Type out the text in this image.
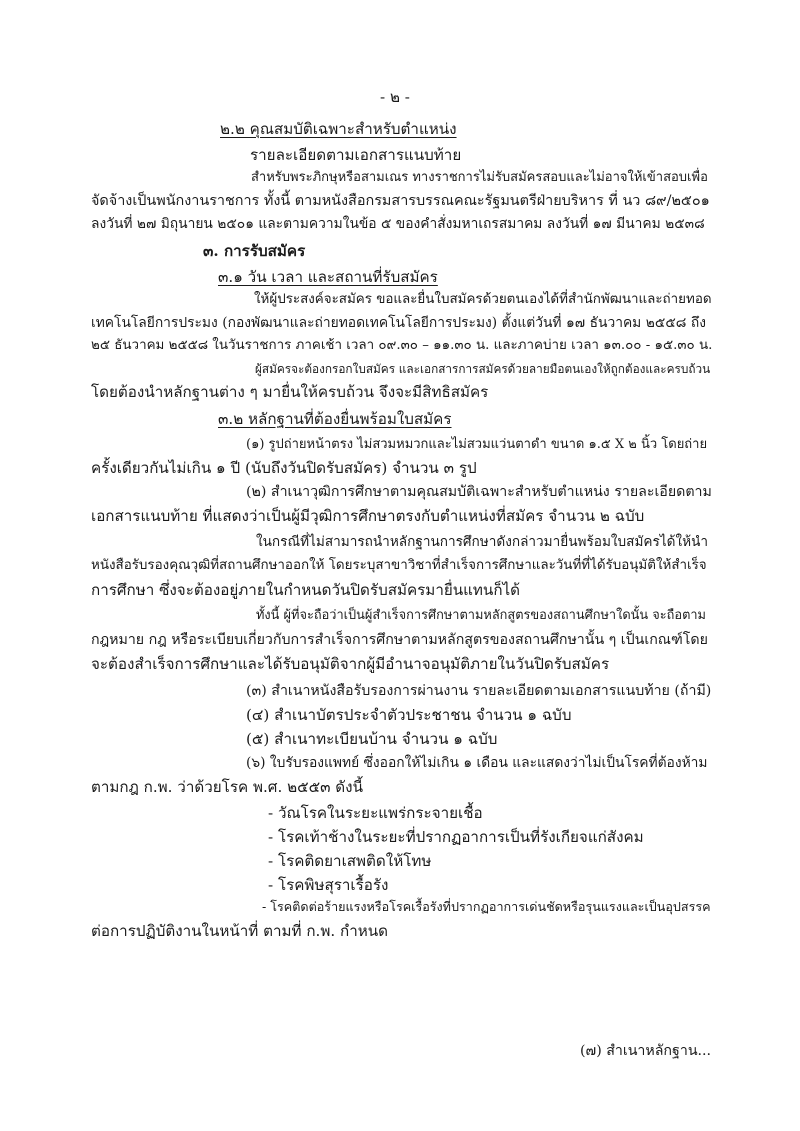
- ๒ -
๒.๒ คุณสมบัติเฉพาะสำหรับตำแหน่ง
รายละเอียดตามเอกสารแนบท้าย
สำหรับพระภิกษุหรือสามเณร ทางราชการไม่รับสมัครสอบและไม่อาจให้เข้าสอบเพื่อ
จัดจ้างเป็นพนักงานราชการ ทั้งนี้ ตามหนังสือกรมสารบรรณคณะรัฐมนตรีฝ่ายบริหาร ที่ นว ๘๙/๒๕๐๑
ลงวันที่ ๒๗ มิถุนายน ๒๕๐๑ และตามความในข้อ ๕ ของคำสั่งมหาเถรสมาคม ลงวันที่ ๑๗ มีนาคม ๒๕๓๘
๓. การรับสมัคร
๓.๑ วัน เวลา และสถานที่รับสมัคร
ให้ผู้ประสงค์จะสมัคร ขอและยื่นใบสมัครด้วยตนเองได้ที่สำนักพัฒนาและถ่ายทอด
เทคโนโลยีการประมง (กองพัฒนาและถ่ายทอดเทคโนโลยีการประมง) ตั้งแต่วันที่ ๑๗ ธันวาคม ๒๕๕๘ ถึง
๒๕ ธันวาคม ๒๕๕๘ ในวันราชการ ภาคเช้า เวลา ๐๙.๓๐ – ๑๑.๓๐ น. และภาคบ่าย เวลา ๑๓.๐๐ - ๑๕.๓๐ น.
ผู้สมัครจะต้องกรอกใบสมัคร และเอกสารการสมัครด้วยลายมือตนเองให้ถูกต้องและครบถ้วน
โดยต้องนำหลักฐานต่าง ๆ มายื่นให้ครบถ้วน จึงจะมีสิทธิสมัคร
๓.๒ หลักฐานที่ต้องยื่นพร้อมใบสมัคร
(๑) รูปถ่ายหน้าตรง ไม่สวมหมวกและไม่สวมแว่นตาดำ ขนาด ๑.๕ X ๒ นิ้ว โดยถ่าย
ครั้งเดียวกันไม่เกิน ๑ ปี (นับถึงวันปิดรับสมัคร) จำนวน ๓ รูป
(๒) สำเนาวุฒิการศึกษาตามคุณสมบัติเฉพาะสำหรับตำแหน่ง รายละเอียดตาม
เอกสารแนบท้าย ที่แสดงว่าเป็นผู้มีวุฒิการศึกษาตรงกับตำแหน่งที่สมัคร จำนวน ๒ ฉบับ
ในกรณีที่ไม่สามารถนำหลักฐานการศึกษาดังกล่าวมายื่นพร้อมใบสมัครได้ให้นำ
หนังสือรับรองคุณวุฒิที่สถานศึกษาออกให้ โดยระบุสาขาวิชาที่สำเร็จการศึกษาและวันที่ที่ได้รับอนุมัติให้สำเร็จ
การศึกษา ซึ่งจะต้องอยู่ภายในกำหนดวันปิดรับสมัครมายื่นแทนก็ได้
ทั้งนี้ ผู้ที่จะถือว่าเป็นผู้สำเร็จการศึกษาตามหลักสูตรของสถานศึกษาใดนั้น จะถือตาม
กฎหมาย กฎ หรือระเบียบเกี่ยวกับการสำเร็จการศึกษาตามหลักสูตรของสถานศึกษานั้น ๆ เป็นเกณฑ์โดย
จะต้องสำเร็จการศึกษาและได้รับอนุมัติจากผู้มีอำนาจอนุมัติภายในวันปิดรับสมัคร
(๓) สำเนาหนังสือรับรองการผ่านงาน รายละเอียดตามเอกสารแนบท้าย (ถ้ามี)
(๔) สำเนาบัตรประจำตัวประชาชน จำนวน ๑ ฉบับ
(๕) สำเนาทะเบียนบ้าน จำนวน ๑ ฉบับ
(๖) ใบรับรองแพทย์ ซึ่งออกให้ไม่เกิน ๑ เดือน และแสดงว่าไม่เป็นโรคที่ต้องห้าม
ตามกฎ ก.พ. ว่าด้วยโรค พ.ศ. ๒๕๕๓ ดังนี้
- วัณโรคในระยะแพร่กระจายเชื้อ
- โรคเท้าช้างในระยะที่ปรากฏอาการเป็นที่รังเกียจแก่สังคม
- โรคติดยาเสพติดให้โทษ
- โรคพิษสุราเรื้อรัง
- โรคติดต่อร้ายแรงหรือโรคเรื้อรังที่ปรากฏอาการเด่นชัดหรือรุนแรงและเป็นอุปสรรค
ต่อการปฏิบัติงานในหน้าที่ ตามที่ ก.พ. กำหนด
(๗) สำเนาหลักฐาน...
